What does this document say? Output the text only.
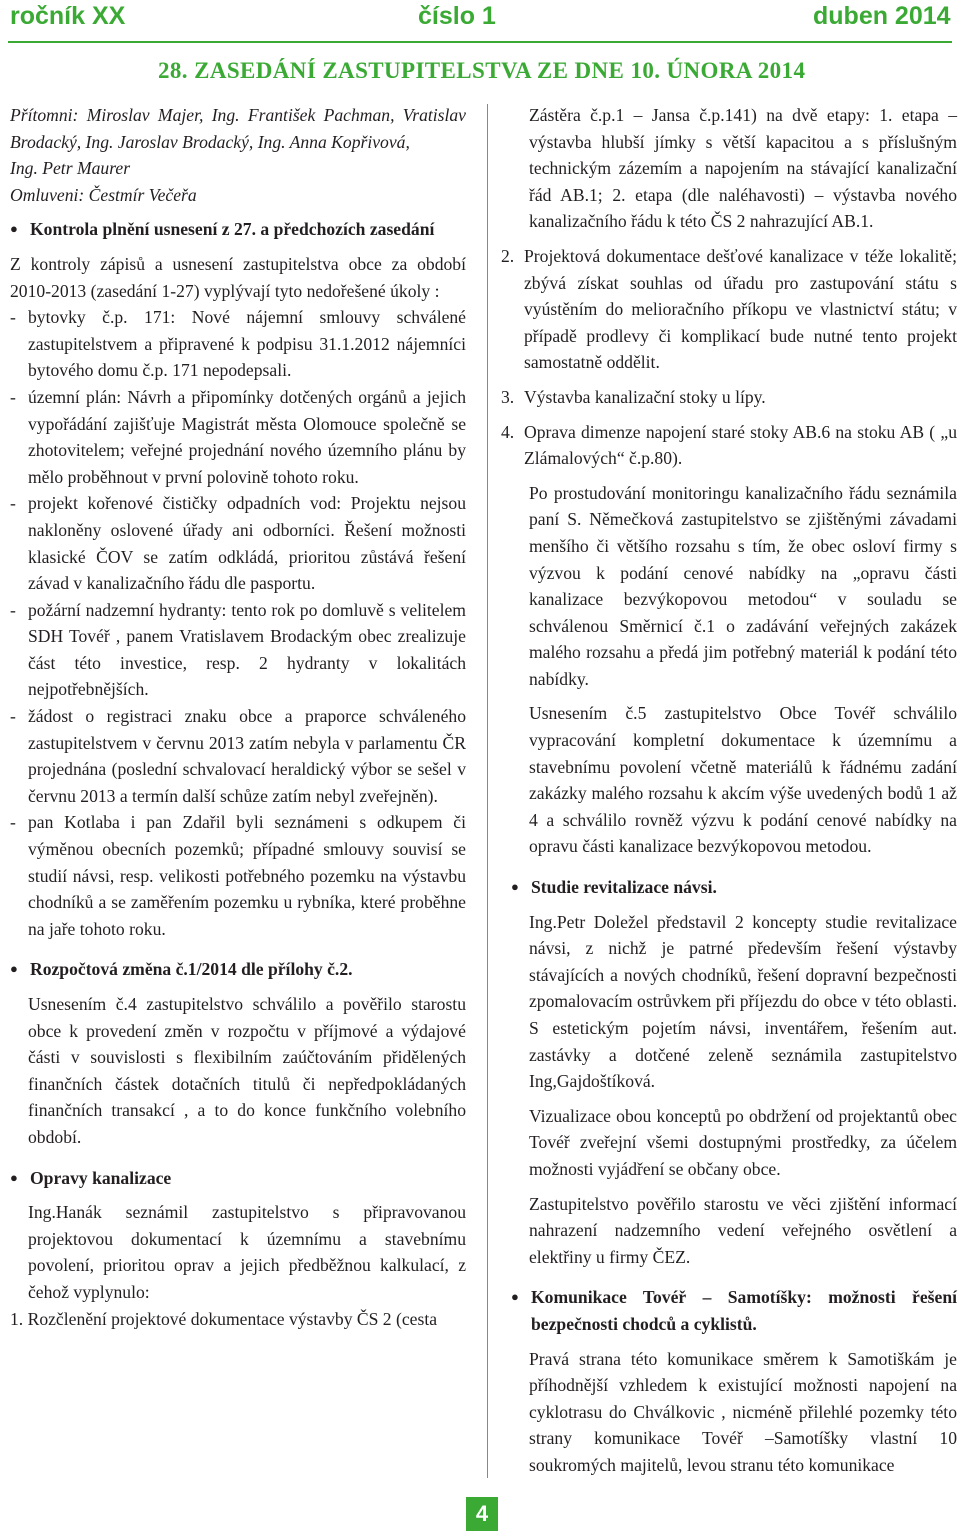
ročník XX	číslo 1	duben 2014
28. ZASEDÁNÍ ZASTUPITELSTVA ZE DNE 10. ÚNORA 2014

Přítomni: Miroslav Majer, Ing. František Pachman, Vratislav Brodacký, Ing. Jaroslav Brodacký, Ing. Anna Kopřivová,

Ing. Petr Maurer

Omluveni: Čestmír Večeřa

● Kontrola plnění usnesení z 27. a předchozích zasedání

Z kontroly zápisů a usnesení zastupitelstva obce za období 2010-2013 (zasedání 1-27) vyplývají tyto nedořešené úkoly :

- bytovky č.p. 171: Nové nájemní smlouvy schválené zastupitelstvem a připravené k podpisu 31.1.2012 nájemníci bytového domu č.p. 171 nepodepsali.

- územní plán: Návrh a připomínky dotčených orgánů a jejich vypořádání zajišťuje Magistrát města Olomouce společně se zhotovitelem; veřejné projednání nového územního plánu by mělo proběhnout v první polovině tohoto roku.

- projekt kořenové čističky odpadních vod: Projektu nejsou nakloněny oslovené úřady ani odborníci. Řešení možnosti klasické ČOV se zatím odkládá, prioritou zůstává řešení závad v kanalizačního řádu dle pasportu.

- požární nadzemní hydranty: tento rok po domluvě s velitelem SDH Tovéř , panem Vratislavem Brodackým obec zrealizuje část této investice, resp. 2 hydranty v lokalitách nejpotřebnějších.

- žádost o registraci znaku obce a praporce schváleného zastupitelstvem v červnu 2013 zatím nebyla v parlamentu ČR projednána (poslední schvalovací heraldický výbor se sešel v červnu 2013 a termín další schůze zatím nebyl zveřejněn).

- pan Kotlaba i pan Zdařil byli seznámeni s odkupem či výměnou obecních pozemků; případné smlouvy souvisí se studií návsi, resp. velikosti potřebného pozemku na výstavbu chodníků a se zaměřením pozemku u rybníka, které proběhne na jaře tohoto roku.

● Rozpočtová změna č.1/2014 dle přílohy č.2.

Usnesením č.4 zastupitelstvo schválilo a pověřilo starostu obce k provedení změn v rozpočtu v příjmové a výdajové části v souvislosti s flexibilním zaúčtováním přidělených finančních částek dotačních titulů či nepředpokládaných finančních transakcí , a to do konce funkčního volebního období.

● Opravy kanalizace

Ing.Hanák seznámil zastupitelstvo s připravovanou projektovou dokumentací k územnímu a stavebnímu povolení, prioritou oprav a jejich předběžnou kalkulací, z čehož vyplynulo:

1. Rozčlenění projektové dokumentace výstavby ČS 2 (cesta

Zástěra č.p.1 – Jansa č.p.141) na dvě etapy: 1. etapa – výstavba hlubší jímky s větší kapacitou a s příslušným technickým zázemím a napojením na stávající kanalizační řád AB.1; 2. etapa (dle naléhavosti) – výstavba nového kanalizačního řádu k této ČS 2 nahrazující AB.1.

2. Projektová dokumentace dešťové kanalizace v téže lokalitě; zbývá získat souhlas od úřadu pro zastupování státu s vyústěním do melioračního příkopu ve vlastnictví státu; v případě prodlevy či komplikací bude nutné tento projekt samostatně oddělit.

3. Výstavba kanalizační stoky u lípy.

4. Oprava dimenze napojení staré stoky AB.6 na stoku AB ( „u Zlámalových“ č.p.80).

Po prostudování monitoringu kanalizačního řádu seznámila paní S. Němečková zastupitelstvo se zjištěnými závadami menšího či většího rozsahu s tím, že obec osloví firmy s výzvou k podání cenové nabídky na „opravu části kanalizace bezvýkopovou metodou“ v souladu se schválenou Směrnicí č.1 o zadávání veřejných zakázek malého rozsahu a předá jim potřebný materiál k podání této nabídky.

Usnesením č.5 zastupitelstvo Obce Tovéř schválilo vypracování kompletní dokumentace k územnímu a stavebnímu povolení včetně materiálů k řádnému zadání zakázky malého rozsahu k akcím výše uvedených bodů 1 až 4 a schválilo rovněž výzvu k podání cenové nabídky na opravu části kanalizace bezvýkopovou metodou.

● Studie revitalizace návsi.

Ing.Petr Doležel představil 2 koncepty studie revitalizace návsi, z nichž je patrné především řešení výstavby stávajících a nových chodníků, řešení dopravní bezpečnosti zpomalovacím ostrůvkem při příjezdu do obce v této oblasti. S estetickým pojetím návsi, inventářem, řešením aut. zastávky a dotčené zeleně seznámila zastupitelstvo Ing,Gajdoštíková.

Vizualizace obou konceptů po obdržení od projektantů obec Tovéř zveřejní všemi dostupnými prostředky, za účelem možnosti vyjádření se občany obce.

Zastupitelstvo pověřilo starostu ve věci zjištění informací nahrazení nadzemního vedení veřejného osvětlení a elektřiny u firmy ČEZ.

● Komunikace Tovéř – Samotíšky: možnosti řešení bezpečnosti chodců a cyklistů.

Pravá strana této komunikace směrem k Samotiškám je příhodnější vzhledem k existující možnosti napojení na cyklotrasu do Chválkovic , nicméně přilehlé pozemky této strany komunikace Tovéř –Samotíšky vlastní 10 soukromých majitelů, levou stranu této komunikace

4
